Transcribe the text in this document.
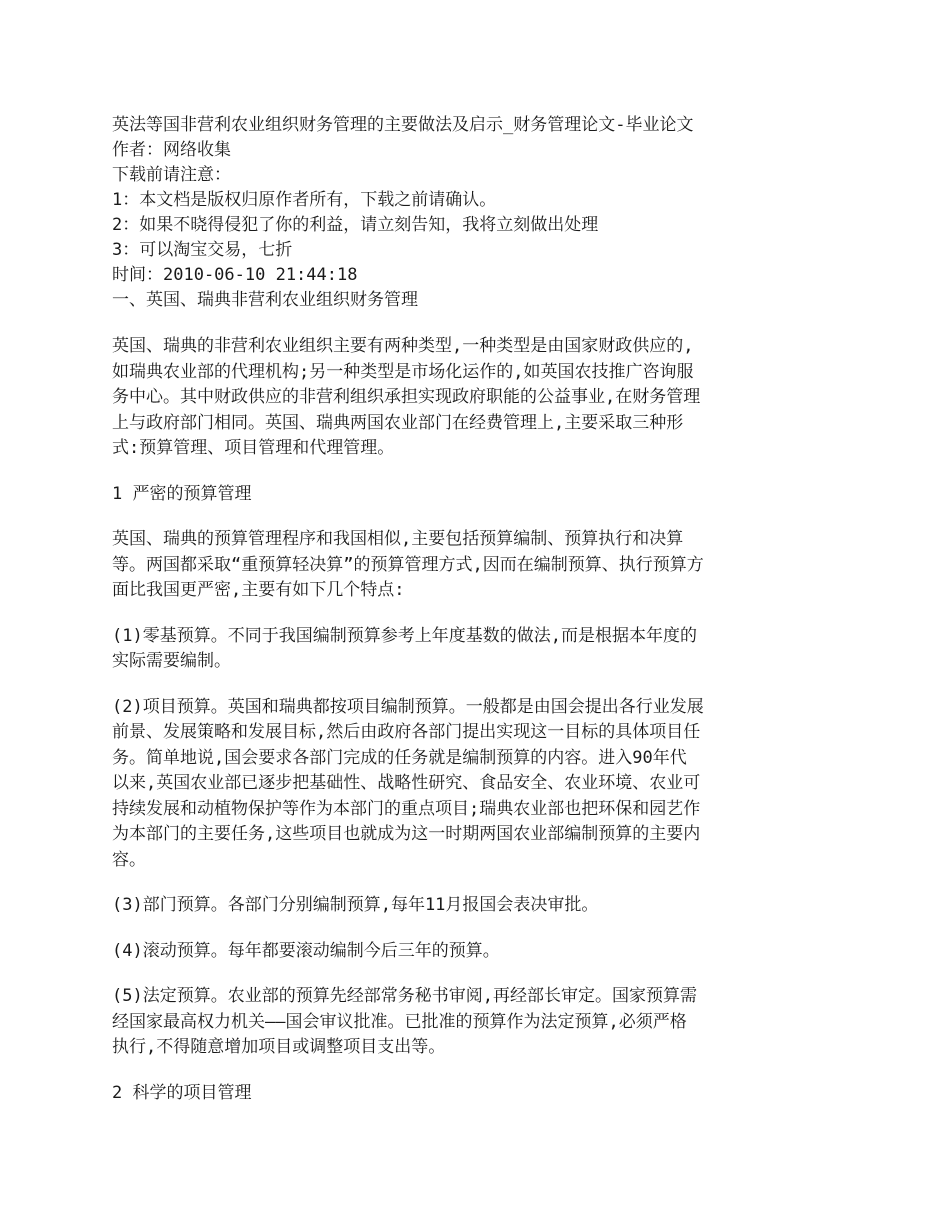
英法等国非营利农业组织财务管理的主要做法及启示_财务管理论文-毕业论文
作者：网络收集
下载前请注意：
1：本文档是版权归原作者所有，下载之前请确认。
2：如果不晓得侵犯了你的利益，请立刻告知，我将立刻做出处理
3：可以淘宝交易，七折
时间：2010-06-10 21:44:18
一、英国、瑞典非营利农业组织财务管理
英国、瑞典的非营利农业组织主要有两种类型,一种类型是由国家财政供应的,
如瑞典农业部的代理机构;另一种类型是市场化运作的,如英国农技推广咨询服
务中心。其中财政供应的非营利组织承担实现政府职能的公益事业,在财务管理
上与政府部门相同。英国、瑞典两国农业部门在经费管理上,主要采取三种形
式:预算管理、项目管理和代理管理。
1 严密的预算管理
英国、瑞典的预算管理程序和我国相似,主要包括预算编制、预算执行和决算
等。两国都采取“重预算轻决算”的预算管理方式,因而在编制预算、执行预算方
面比我国更严密,主要有如下几个特点:
(1)零基预算。不同于我国编制预算参考上年度基数的做法,而是根据本年度的
实际需要编制。
(2)项目预算。英国和瑞典都按项目编制预算。一般都是由国会提出各行业发展
前景、发展策略和发展目标,然后由政府各部门提出实现这一目标的具体项目任
务。简单地说,国会要求各部门完成的任务就是编制预算的内容。进入90年代
以来,英国农业部已逐步把基础性、战略性研究、食品安全、农业环境、农业可
持续发展和动植物保护等作为本部门的重点项目;瑞典农业部也把环保和园艺作
为本部门的主要任务,这些项目也就成为这一时期两国农业部编制预算的主要内
容。
(3)部门预算。各部门分别编制预算,每年11月报国会表决审批。
(4)滚动预算。每年都要滚动编制今后三年的预算。
(5)法定预算。农业部的预算先经部常务秘书审阅,再经部长审定。国家预算需
经国家最高权力机关——国会审议批准。已批准的预算作为法定预算,必须严格
执行,不得随意增加项目或调整项目支出等。
2 科学的项目管理
